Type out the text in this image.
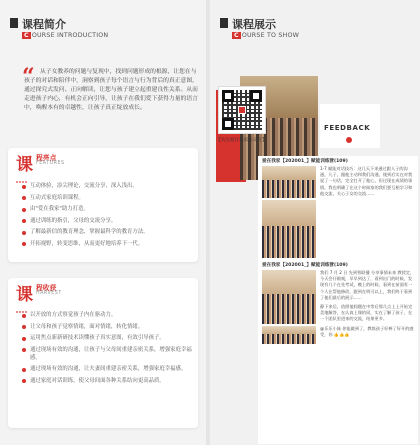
课程简介
C OURSE INTRODUCTION
“ 从子女教养的问题与复现中，找到问题形成的根源，让您在与孩子的对话和陪伴中，洞察到孩子每个语言与行为背后的真正意图，通过探究式发问、正向解读，让您与孩子建立起重建良性关系。从而走进孩子内心，有机会正向引导，让孩子在我们爱下获得力量的语言中，唤醒本有的卓越性，让孩子真正绽放成长。

课 程亮点
FEATURES
互动体验，添尖理论，交流分享，深入浅出。
互动式家庭培训课程。
由"爱在我家"助力打造。
通过训练的指引，父母的交流分享。
了解最新信的教育理念，掌握最科学的教育方法。
开拓视野，转变思维，从而更好地培养下一代。
课 程收获
HARVEST
以开放的方式察觉孩子内在驱动力。
让父母和孩子觉察情绪，面对情绪，转化情绪。
运用焦点新新研技术读懂孩子真实意图，有效引导孩子。
通过现场有效的沟通，让孩子与父母间重建亲密关系，增强家庭幸福感。
通过现场有效的沟通，让夫妻间重建亲密关系，增强家庭幸福感。
通过家庭对话训练，使父母间面各种关系结向更高品质。
课程展示
C OURSE TO SHOW
FEEDBACK
【关注爱在我家公众号】
爱在我家【202001_】赋能训练营(109)
1-7 赋能对话技巧：这几天下来通过跟人子的沟通，儿子，跟他主动和我们沟通，使到后实在对我说了一句话，完全打开了他心，但过现在成绩的事情，我也明确了在这个时候家的我们要互相学习和他交流，关心子女的交流……
爱在我家【202001_】赋能训练营(109)
我们 7 月 2 日 先到智联播 分享事情未来 教授定，今天会仔细观，早早到达了，看到出门的时候，发现有几个在先考试，晚上的时候，看到在前面有一个人在帮他修改，跟到在明可以上，我们终于看到了他们最后的展示……
静下来后，依照他间题在中等后那几点上上开始完美地解答，在认真上课的同，实在了解了孩子，在一个团队里进来的交流，结果更多。
@乐乐小妹 你能做到了，教练孩子好棒了好开的感受，你 👍👍👍
